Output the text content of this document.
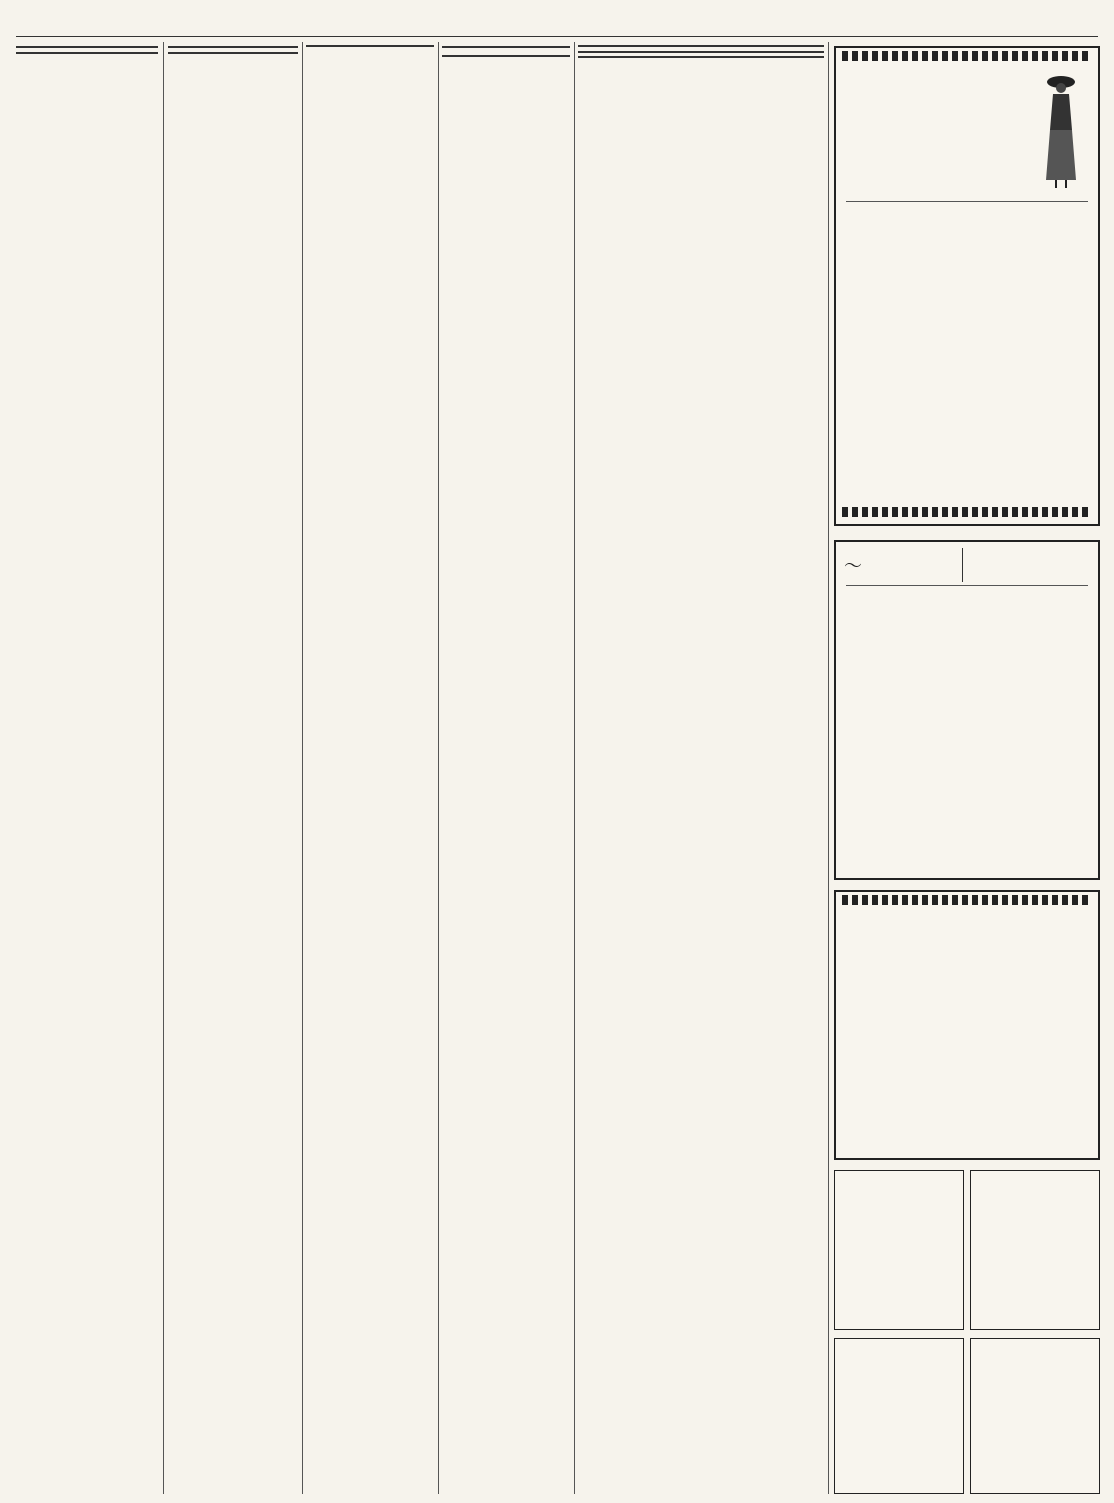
～
